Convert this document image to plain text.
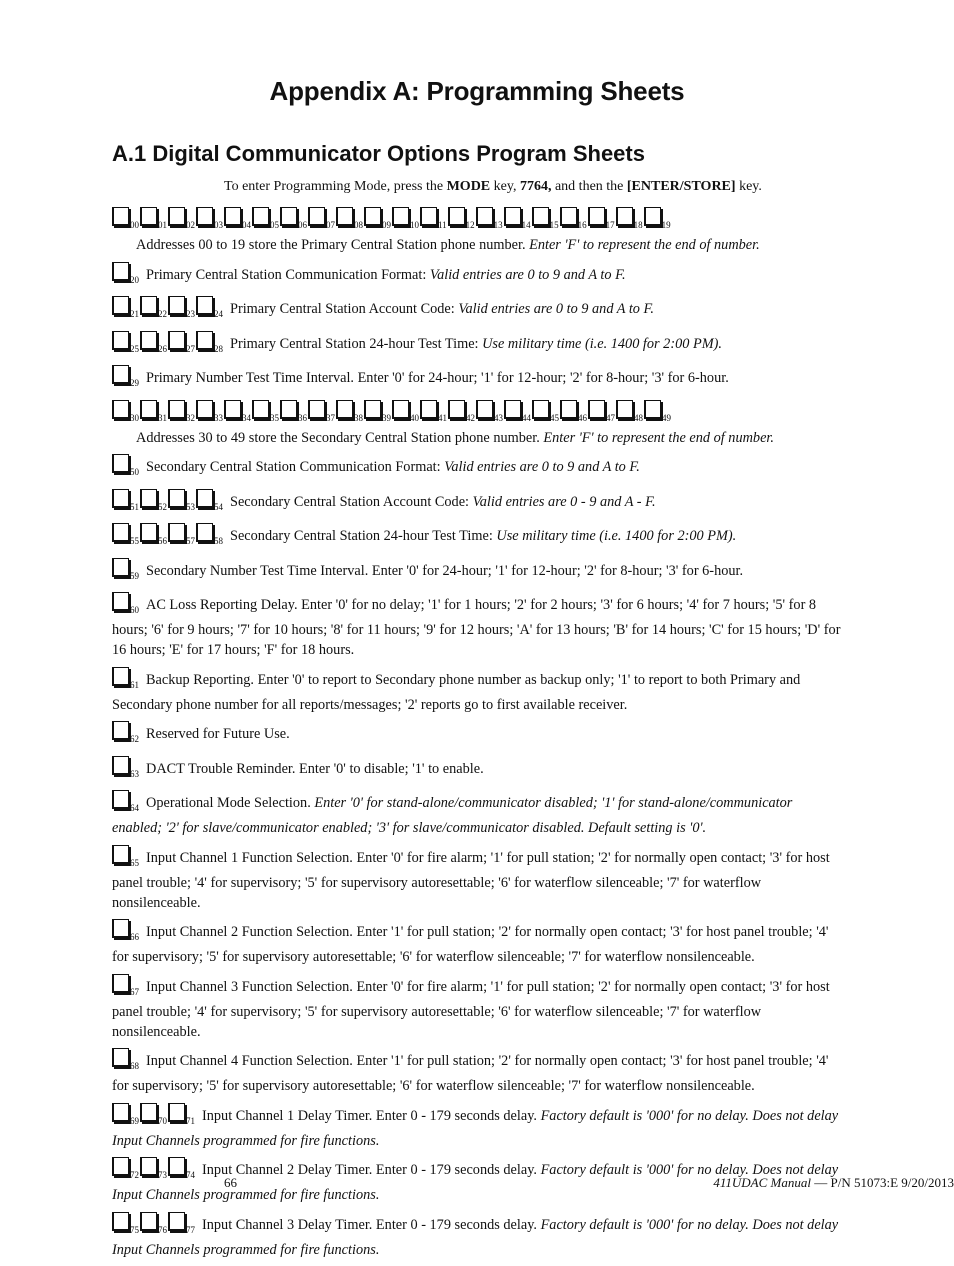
Appendix A: Programming Sheets
A.1 Digital Communicator Options Program Sheets
To enter Programming Mode, press the MODE key, 7764, and then the [ENTER/STORE] key.
$_{00}$ $_{01}$ $_{02}$ $_{03}$ $_{04}$ $_{05}$ $_{06}$ $_{07}$ $_{08}$ $_{09}$ $_{10}$ $_{11}$ $_{12}$ $_{13}$ $_{14}$ $_{15}$ $_{16}$ $_{17}$ $_{18}$ $_{19}$
Addresses 00 to 19 store the Primary Central Station phone number. Enter 'F' to represent the end of number.
$_{20}$ Primary Central Station Communication Format: Valid entries are 0 to 9 and A to F.
$_{21}$ $_{22}$ $_{23}$ $_{24}$ Primary Central Station Account Code: Valid entries are 0 to 9 and A to F.
$_{25}$ $_{26}$ $_{27}$ $_{28}$ Primary Central Station 24-hour Test Time: Use military time (i.e. 1400 for 2:00 PM).
$_{29}$ Primary Number Test Time Interval. Enter '0' for 24-hour; '1' for 12-hour; '2' for 8-hour; '3' for 6-hour.
$_{30}$ $_{31}$ $_{32}$ $_{33}$ $_{34}$ $_{35}$ $_{36}$ $_{37}$ $_{38}$ $_{39}$ $_{40}$ $_{41}$ $_{42}$ $_{43}$ $_{44}$ $_{45}$ $_{46}$ $_{47}$ $_{48}$ $_{49}$
Addresses 30 to 49 store the Secondary Central Station phone number. Enter 'F' to represent the end of number.
$_{50}$ Secondary Central Station Communication Format: Valid entries are 0 to 9 and A to F.
$_{51}$ $_{52}$ $_{53}$ $_{54}$ Secondary Central Station Account Code: Valid entries are 0 - 9 and A - F.
$_{55}$ $_{56}$ $_{57}$ $_{58}$ Secondary Central Station 24-hour Test Time: Use military time (i.e. 1400 for 2:00 PM).
$_{59}$ Secondary Number Test Time Interval. Enter '0' for 24-hour; '1' for 12-hour; '2' for 8-hour; '3' for 6-hour.
$_{60}$ AC Loss Reporting Delay. Enter '0' for no delay; '1' for 1 hours; '2' for 2 hours; '3' for 6 hours; '4' for 7 hours; '5' for 8 hours; '6' for 9 hours; '7' for 10 hours; '8' for 11 hours; '9' for 12 hours; 'A' for 13 hours; 'B' for 14 hours; 'C' for 15 hours; 'D' for 16 hours; 'E' for 17 hours; 'F' for 18 hours.
$_{61}$ Backup Reporting. Enter '0' to report to Secondary phone number as backup only; '1' to report to both Primary and Secondary phone number for all reports/messages; '2' reports go to first available receiver.
$_{62}$ Reserved for Future Use.
$_{63}$ DACT Trouble Reminder. Enter '0' to disable; '1' to enable.
$_{64}$ Operational Mode Selection. Enter '0' for stand-alone/communicator disabled; '1' for stand-alone/communicator enabled; '2' for slave/communicator enabled; '3' for slave/communicator disabled. Default setting is '0'.
$_{65}$ Input Channel 1 Function Selection. Enter '0' for fire alarm; '1' for pull station; '2' for normally open contact; '3' for host panel trouble; '4' for supervisory; '5' for supervisory autoresettable; '6' for waterflow silenceable; '7' for waterflow nonsilenceable.
$_{66}$ Input Channel 2 Function Selection. Enter '1' for pull station; '2' for normally open contact; '3' for host panel trouble; '4' for supervisory; '5' for supervisory autoresettable; '6' for waterflow silenceable; '7' for waterflow nonsilenceable.
$_{67}$ Input Channel 3 Function Selection. Enter '0' for fire alarm; '1' for pull station; '2' for normally open contact; '3' for host panel trouble; '4' for supervisory; '5' for supervisory autoresettable; '6' for waterflow silenceable; '7' for waterflow nonsilenceable.
$_{68}$ Input Channel 4 Function Selection. Enter '1' for pull station; '2' for normally open contact; '3' for host panel trouble; '4' for supervisory; '5' for supervisory autoresettable; '6' for waterflow silenceable; '7' for waterflow nonsilenceable.
$_{69}$ $_{70}$ $_{71}$ Input Channel 1 Delay Timer. Enter 0 - 179 seconds delay. Factory default is '000' for no delay. Does not delay Input Channels programmed for fire functions.
$_{72}$ $_{73}$ $_{74}$ Input Channel 2 Delay Timer. Enter 0 - 179 seconds delay. Factory default is '000' for no delay. Does not delay Input Channels programmed for fire functions.
$_{75}$ $_{76}$ $_{77}$ Input Channel 3 Delay Timer. Enter 0 - 179 seconds delay. Factory default is '000' for no delay. Does not delay Input Channels programmed for fire functions.
66	411UDAC Manual — P/N 51073:E 9/20/2013
